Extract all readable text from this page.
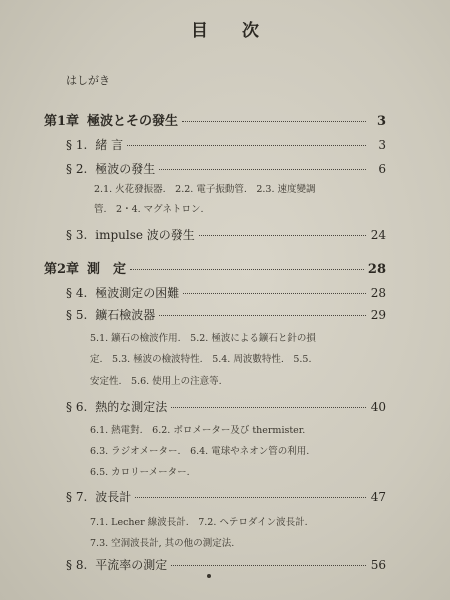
目 次
はしがき
第1章 極波とその發生	3
§ 1. 緒 言	3
§ 2. 極波の發生	6
2.1. 火花發振器.　2.2. 電子振動管.　2.3. 速度變調
管.　2・4. マグネトロン.
§ 3. impulse 波の發生	24
第2章 測　定	28
§ 4. 極波測定の困難	28
§ 5. 鑛石檢波器	29
5.1. 鑛石の檢波作用.　5.2. 極波による鑛石と針の損
定.　5.3. 極波の檢波特性.　5.4. 周波數特性.　5.5.
安定性.　5.6. 使用上の注意等.
§ 6. 熱的な測定法	40
6.1. 熱電對.　6.2. ボロメーター及び thermister.
6.3. ラジオメーター.　6.4. 電球やネオン管の利用.
6.5. カロリーメーター.
§ 7. 波長計	47
7.1. Lecher 線波長計.　7.2. ヘテロダイン波長計.
7.3. 空洞波長計, 其の他の測定法.
§ 8. 平流率の測定	56
